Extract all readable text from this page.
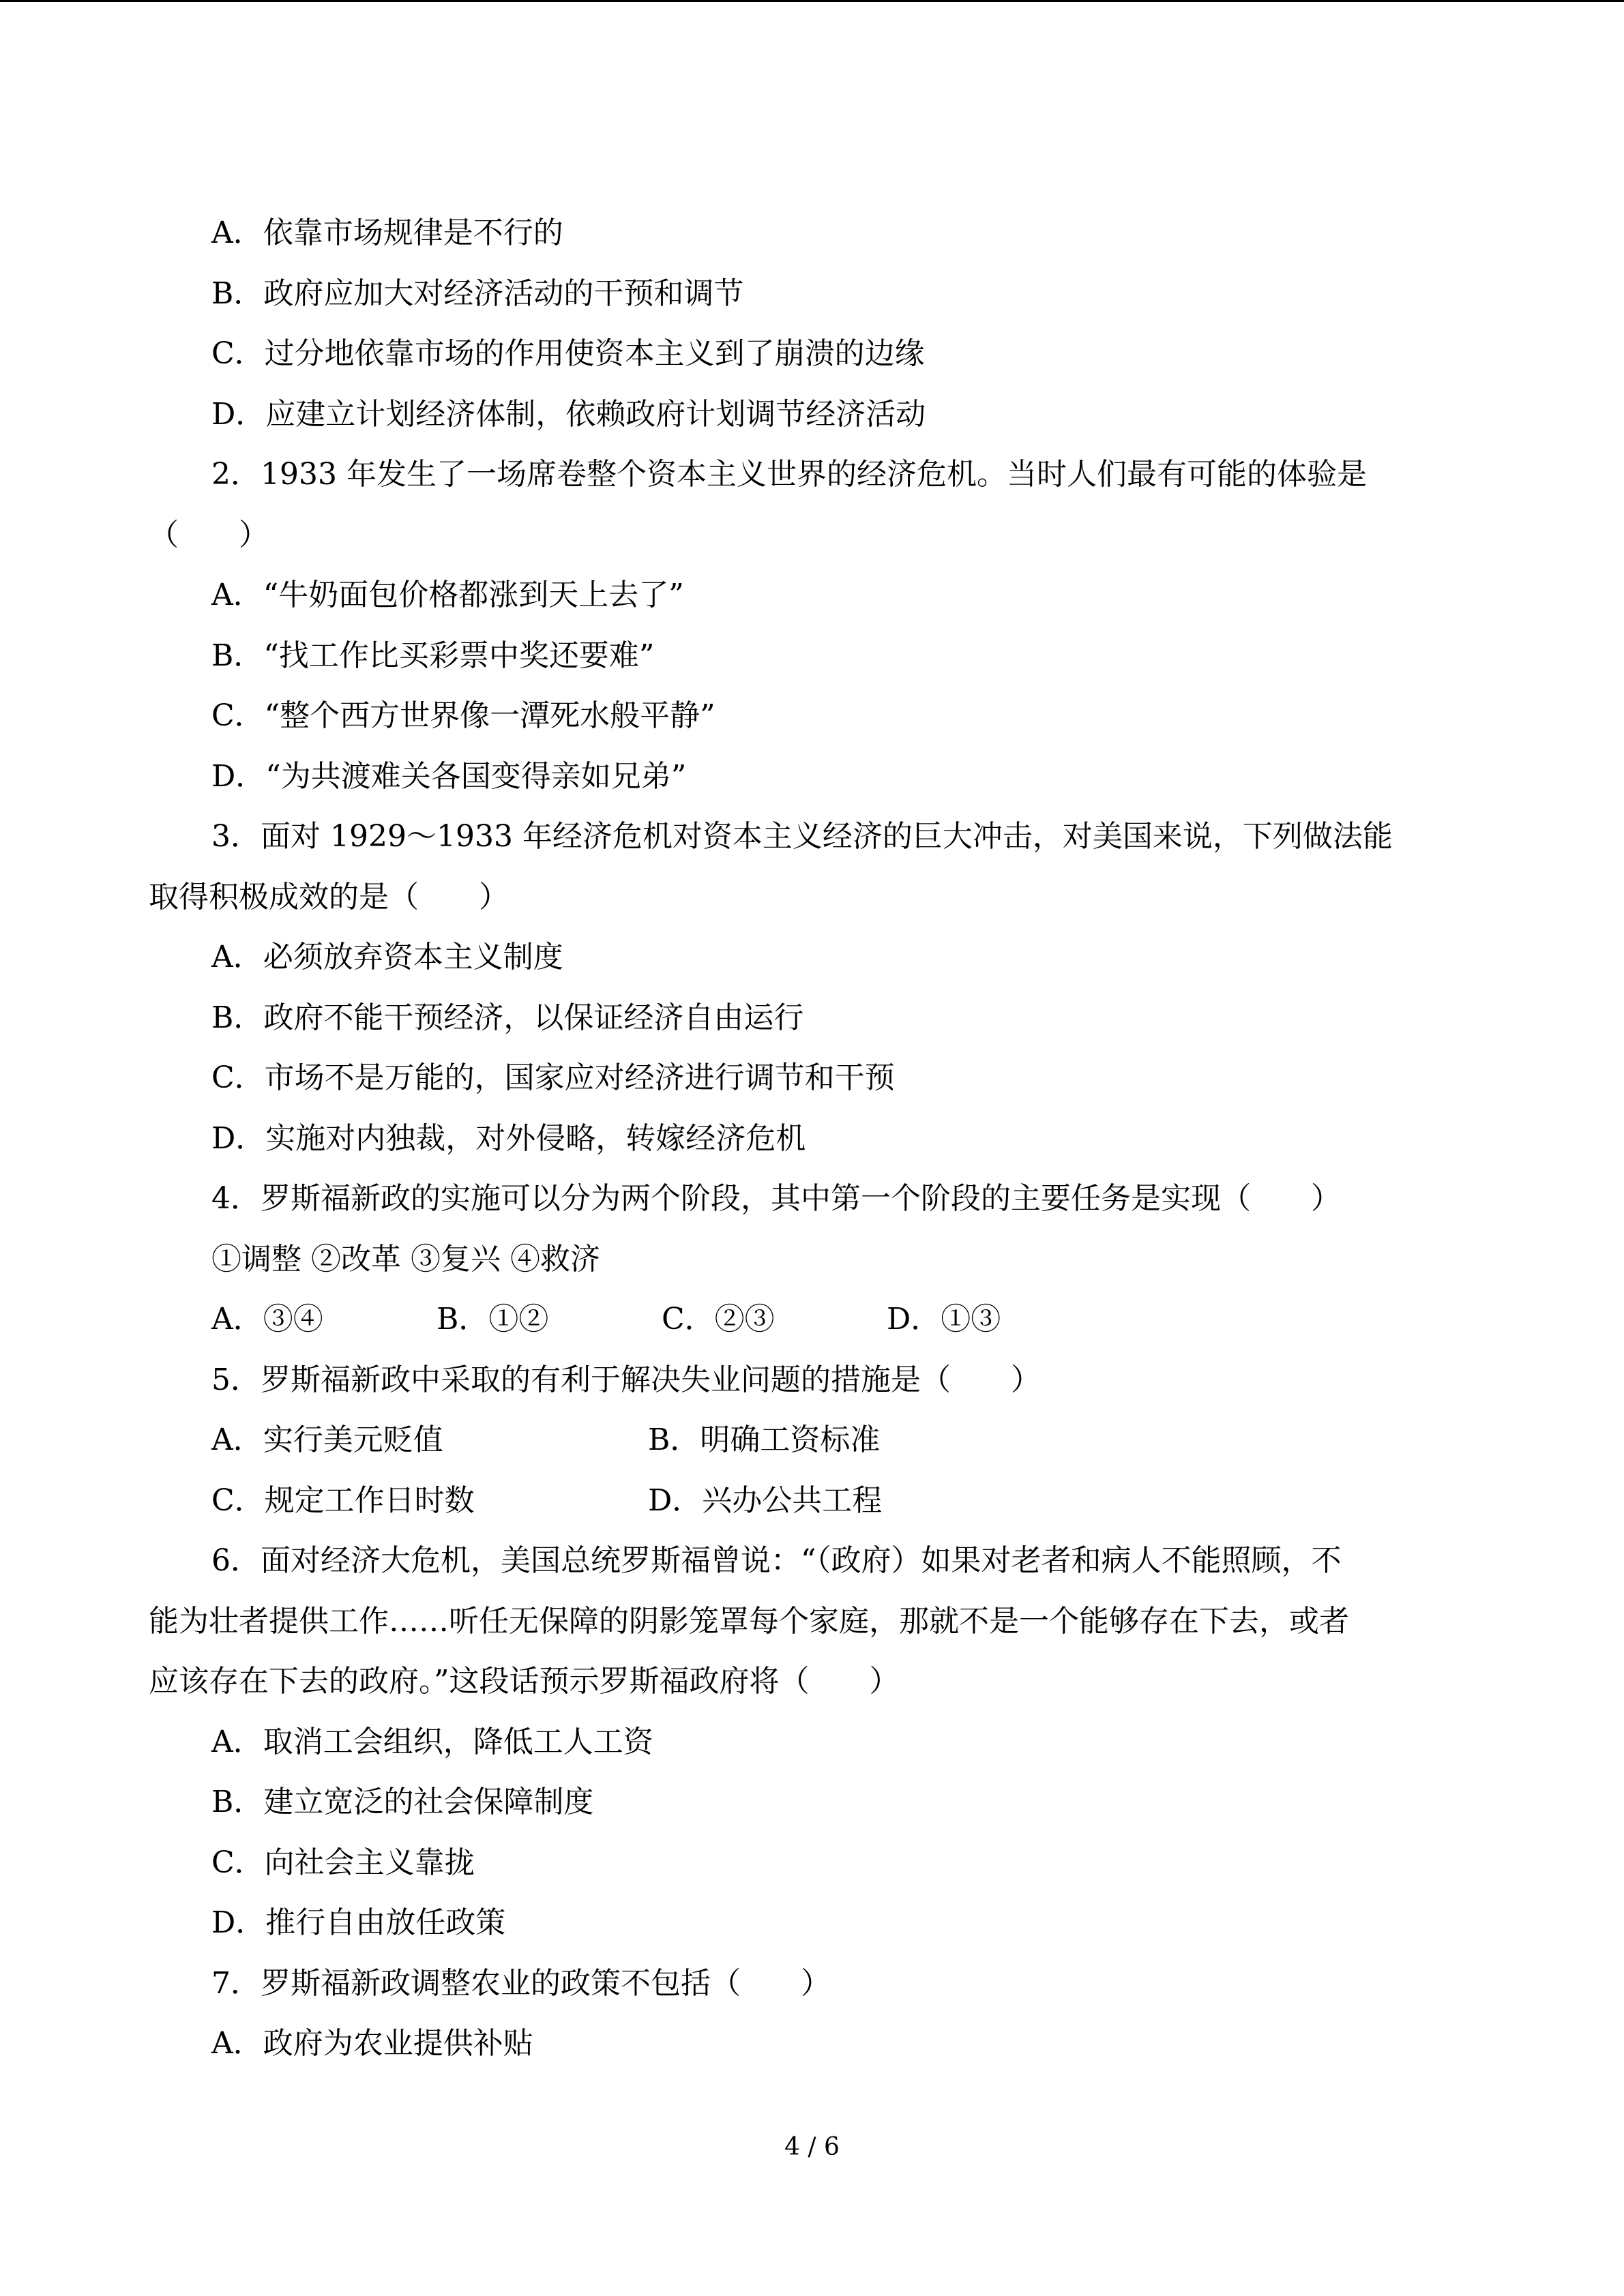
A．依靠市场规律是不行的
B．政府应加大对经济活动的干预和调节
C．过分地依靠市场的作用使资本主义到了崩溃的边缘
D．应建立计划经济体制，依赖政府计划调节经济活动
2．1933 年发生了一场席卷整个资本主义世界的经济危机。当时人们最有可能的体验是
（　　）
A．“牛奶面包价格都涨到天上去了”
B．“找工作比买彩票中奖还要难”
C．“整个西方世界像一潭死水般平静”
D．“为共渡难关各国变得亲如兄弟”
3．面对 1929～1933 年经济危机对资本主义经济的巨大冲击，对美国来说，下列做法能
取得积极成效的是（　　）
A．必须放弃资本主义制度
B．政府不能干预经济，以保证经济自由运行
C．市场不是万能的，国家应对经济进行调节和干预
D．实施对内独裁，对外侵略，转嫁经济危机
4．罗斯福新政的实施可以分为两个阶段，其中第一个阶段的主要任务是实现（　　）
①调整 ②改革 ③复兴 ④救济
A．③④	B．①②	C．②③	D．①③
5．罗斯福新政中采取的有利于解决失业问题的措施是（　　）
A．实行美元贬值	B．明确工资标准
C．规定工作日时数	D．兴办公共工程
6．面对经济大危机，美国总统罗斯福曾说：“（政府）如果对老者和病人不能照顾，不
能为壮者提供工作……听任无保障的阴影笼罩每个家庭，那就不是一个能够存在下去，或者
应该存在下去的政府。”这段话预示罗斯福政府将（　　）
A．取消工会组织，降低工人工资
B．建立宽泛的社会保障制度
C．向社会主义靠拢
D．推行自由放任政策
7．罗斯福新政调整农业的政策不包括（　　）
A．政府为农业提供补贴
4 / 6
